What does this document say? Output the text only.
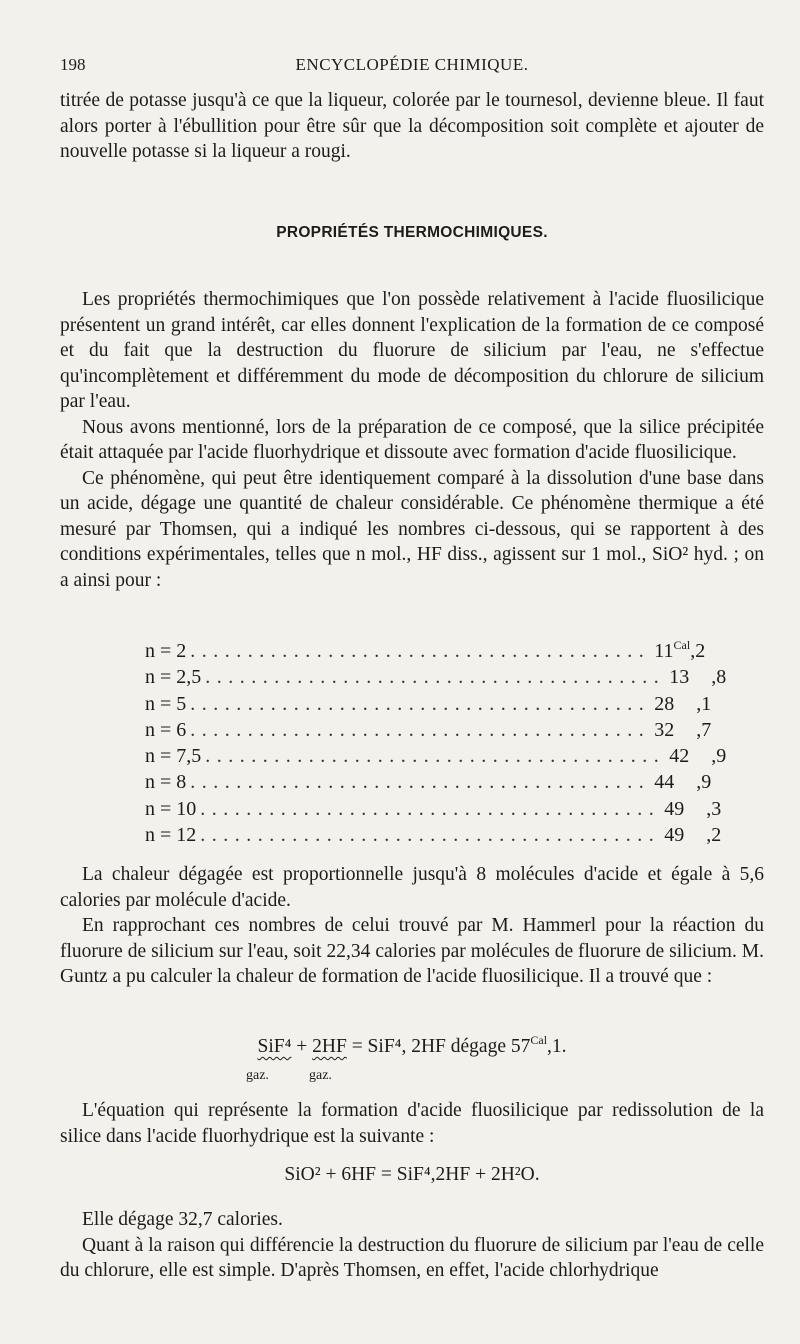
198	ENCYCLOPÉDIE CHIMIQUE.

titrée de potasse jusqu'à ce que la liqueur, colorée par le tournesol, devienne bleue. Il faut alors porter à l'ébullition pour être sûr que la décomposition soit complète et ajouter de nouvelle potasse si la liqueur a rougi.

PROPRIÉTÉS THERMOCHIMIQUES.

Les propriétés thermochimiques que l'on possède relativement à l'acide fluosilicique présentent un grand intérêt, car elles donnent l'explication de la formation de ce composé et du fait que la destruction du fluorure de silicium par l'eau, ne s'effectue qu'incomplètement et différemment du mode de décomposition du chlorure de silicium par l'eau.

Nous avons mentionné, lors de la préparation de ce composé, que la silice précipitée était attaquée par l'acide fluorhydrique et dissoute avec formation d'acide fluosilicique.

Ce phénomène, qui peut être identiquement comparé à la dissolution d'une base dans un acide, dégage une quantité de chaleur considérable. Ce phénomène thermique a été mesuré par Thomsen, qui a indiqué les nombres ci-dessous, qui se rapportent à des conditions expérimentales, telles que n mol., HF diss., agissent sur 1 mol., SiO² hyd. ; on a ainsi pour :

n = 2 ........................................ $11^{Cal},2$
n = 2,5 ........................................ 13 ,8
n = 5 ........................................ 28 ,1
n = 6 ........................................ 32 ,7
n = 7,5 ........................................ 42 ,9
n = 8 ........................................ 44 ,9
n = 10 ........................................ 49 ,3
n = 12 ........................................ 49 ,2

La chaleur dégagée est proportionnelle jusqu'à 8 molécules d'acide et égale à 5,6 calories par molécule d'acide.

En rapprochant ces nombres de celui trouvé par M. Hammerl pour la réaction du fluorure de silicium sur l'eau, soit 22,34 calories par molécules de fluorure de silicium. M. Guntz a pu calculer la chaleur de formation de l'acide fluosilicique. Il a trouvé que :

SiF⁴ + 2HF = SiF⁴, 2HF dégage $57^{Cal},1$.
gaz.	gaz.

L'équation qui représente la formation d'acide fluosilicique par redissolution de la silice dans l'acide fluorhydrique est la suivante :

SiO² + 6HF = SiF⁴,2HF + 2H²O.

Elle dégage 32,7 calories.

Quant à la raison qui différencie la destruction du fluorure de silicium par l'eau de celle du chlorure, elle est simple. D'après Thomsen, en effet, l'acide chlorhydrique
